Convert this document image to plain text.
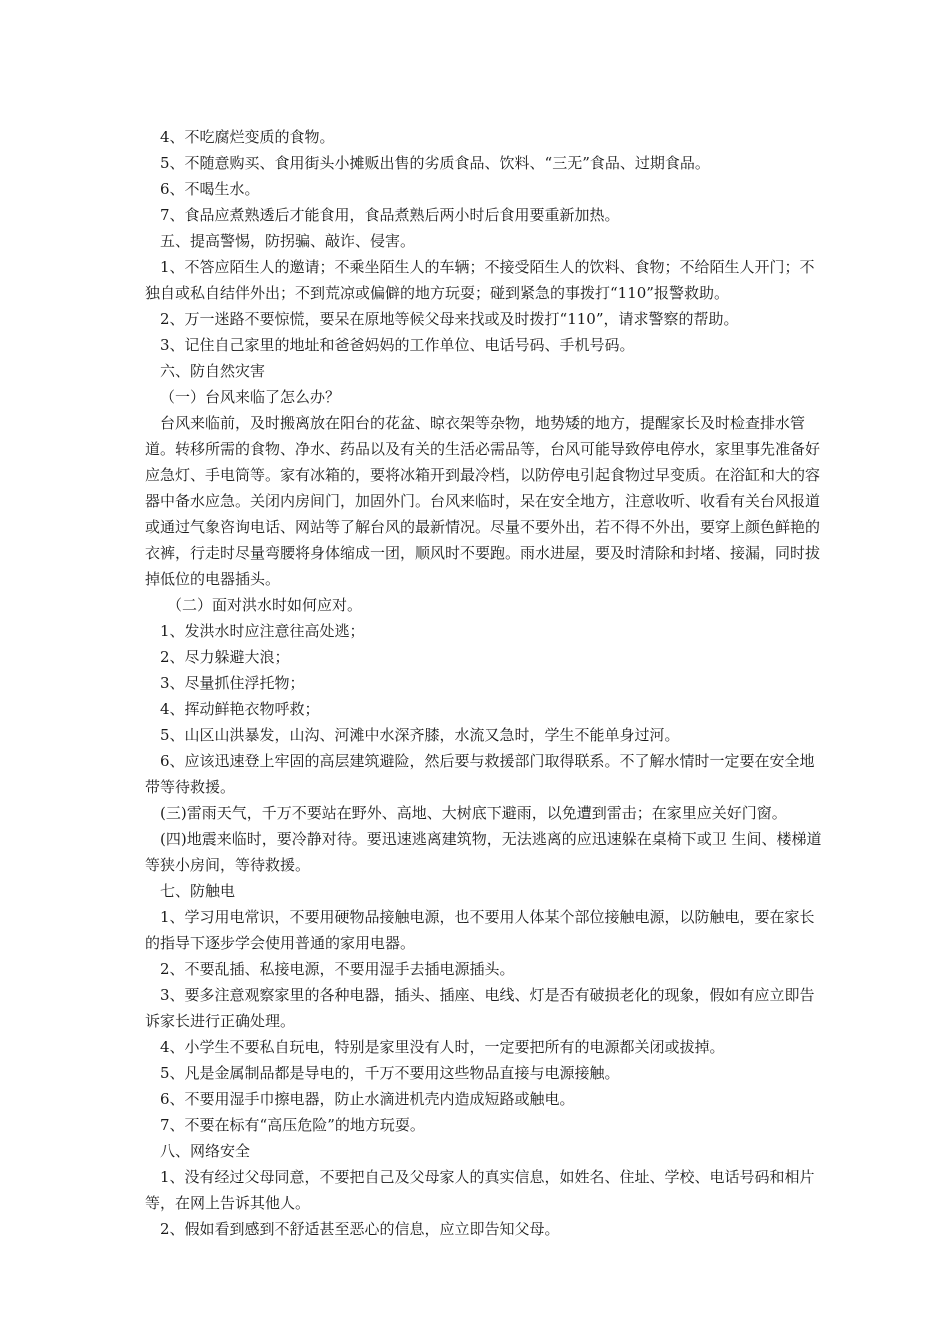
4、不吃腐烂变质的食物。

5、不随意购买、食用街头小摊贩出售的劣质食品、饮料、“三无”食品、过期食品。

6、不喝生水。

7、食品应煮熟透后才能食用，食品煮熟后两小时后食用要重新加热。

五、提高警惕，防拐骗、敲诈、侵害。

1、不答应陌生人的邀请；不乘坐陌生人的车辆；不接受陌生人的饮料、食物；不给陌生人开门；不独自或私自结伴外出；不到荒凉或偏僻的地方玩耍；碰到紧急的事拨打“110”报警救助。

2、万一迷路不要惊慌，要呆在原地等候父母来找或及时拨打“110”，请求警察的帮助。

3、记住自己家里的地址和爸爸妈妈的工作单位、电话号码、手机号码。

六、防自然灾害

（一）台风来临了怎么办？

台风来临前，及时搬离放在阳台的花盆、晾衣架等杂物，地势矮的地方，提醒家长及时检查排水管道。转移所需的食物、净水、药品以及有关的生活必需品等，台风可能导致停电停水，家里事先准备好应急灯、手电筒等。家有冰箱的，要将冰箱开到最冷档，以防停电引起食物过早变质。在浴缸和大的容器中备水应急。关闭内房间门，加固外门。台风来临时，呆在安全地方，注意收听、收看有关台风报道或通过气象咨询电话、网站等了解台风的最新情况。尽量不要外出，若不得不外出，要穿上颜色鲜艳的衣裤，行走时尽量弯腰将身体缩成一团，顺风时不要跑。雨水进屋，要及时清除和封堵、接漏，同时拔掉低位的电器插头。

（二）面对洪水时如何应对。

1、发洪水时应注意往高处逃；

2、尽力躲避大浪；

3、尽量抓住浮托物；

4、挥动鲜艳衣物呼救；

5、山区山洪暴发，山沟、河滩中水深齐膝，水流又急时，学生不能单身过河。

6、应该迅速登上牢固的高层建筑避险，然后要与救援部门取得联系。不了解水情时一定要在安全地带等待救援。

(三)雷雨天气，千万不要站在野外、高地、大树底下避雨，以免遭到雷击；在家里应关好门窗。

(四)地震来临时，要冷静对待。要迅速逃离建筑物，无法逃离的应迅速躲在桌椅下或卫 生间、楼梯道等狭小房间，等待救援。

七、防触电

1、学习用电常识，不要用硬物品接触电源，也不要用人体某个部位接触电源，以防触电，要在家长的指导下逐步学会使用普通的家用电器。

2、不要乱插、私接电源，不要用湿手去插电源插头。

3、要多注意观察家里的各种电器，插头、插座、电线、灯是否有破损老化的现象，假如有应立即告诉家长进行正确处理。

4、小学生不要私自玩电，特别是家里没有人时，一定要把所有的电源都关闭或拔掉。

5、凡是金属制品都是导电的，千万不要用这些物品直接与电源接触。

6、不要用湿手巾擦电器，防止水滴进机壳内造成短路或触电。

7、不要在标有“高压危险”的地方玩耍。

八、网络安全

1、没有经过父母同意，不要把自己及父母家人的真实信息，如姓名、住址、学校、电话号码和相片等，在网上告诉其他人。

2、假如看到感到不舒适甚至恶心的信息，应立即告知父母。
